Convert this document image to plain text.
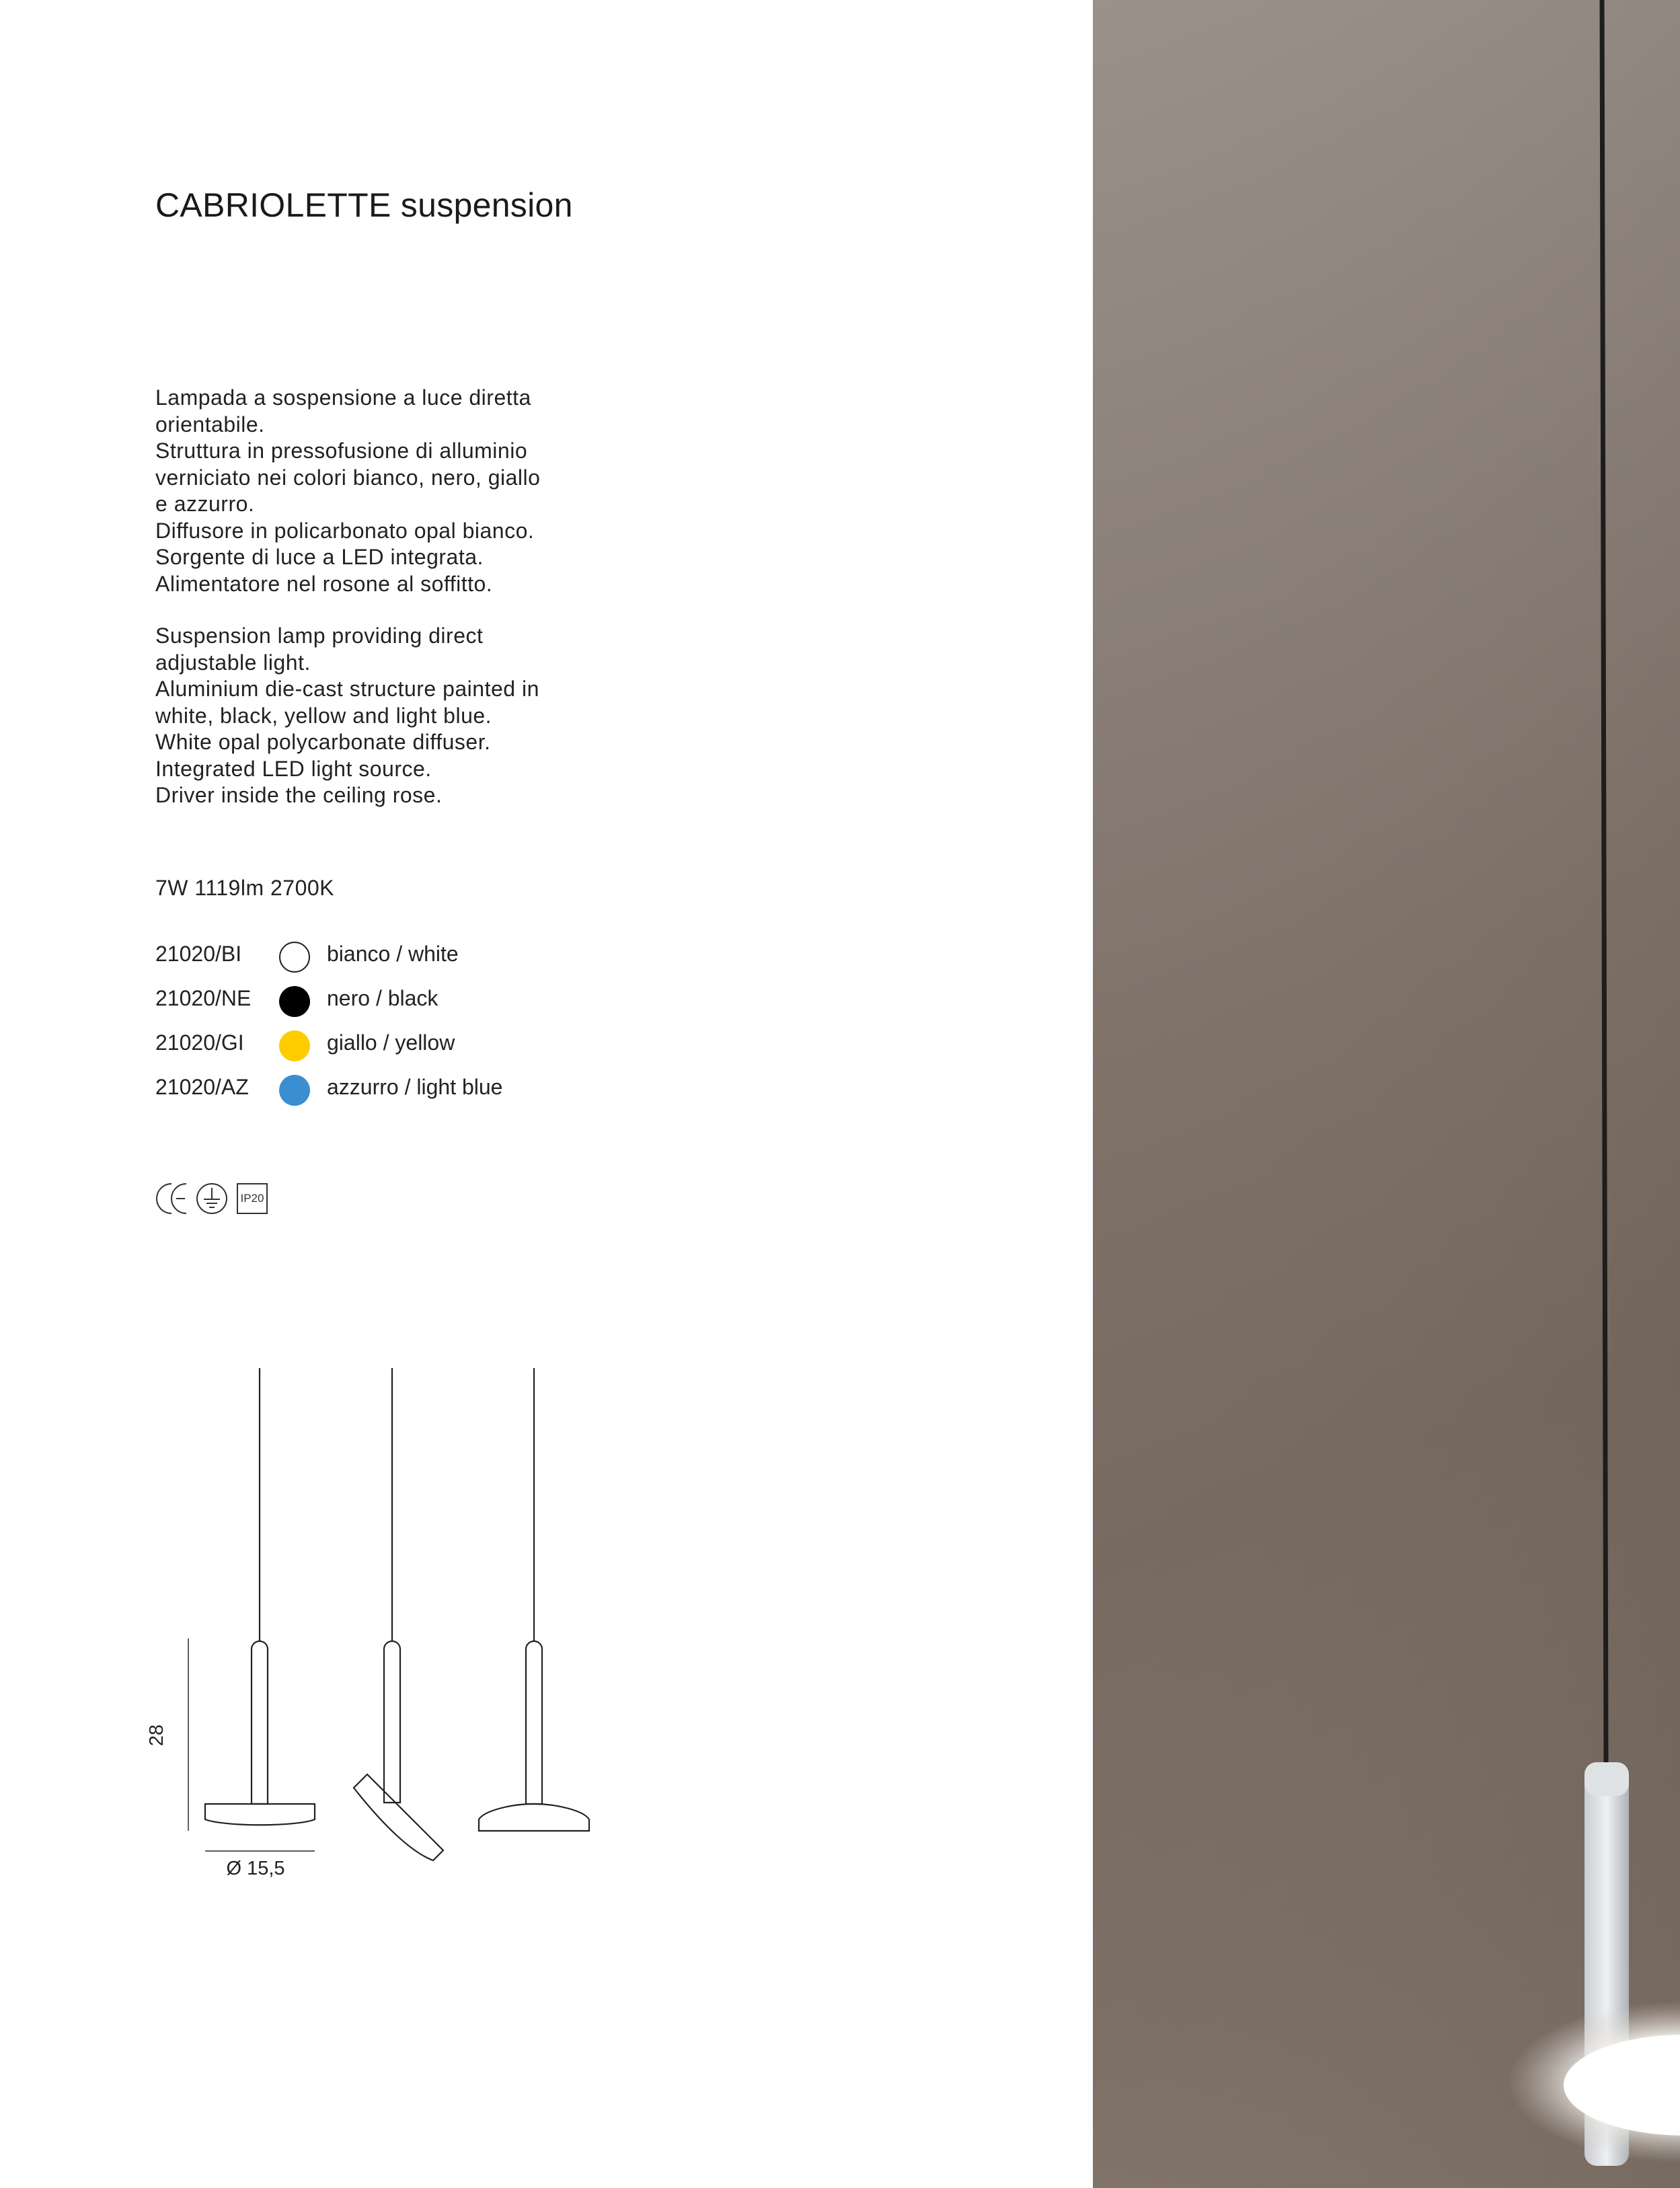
CABRIOLETTE suspension
Lampada a sospensione a luce diretta
orientabile.
Struttura in pressofusione di alluminio
verniciato nei colori bianco, nero, giallo
e azzurro.
Diffusore in policarbonato opal bianco.
Sorgente di luce a LED integrata.
Alimentatore nel rosone al soffitto.
Suspension lamp providing direct
adjustable light.
Aluminium die-cast structure painted in
white, black, yellow and light blue.
White opal polycarbonate diffuser.
Integrated LED light source.
Driver inside the ceiling rose.
7W 1119lm 2700K
21020/BI	bianco / white
21020/NE	nero / black
21020/GI	giallo / yellow
21020/AZ	azzurro / light blue
IP20
28
Ø 15,5
